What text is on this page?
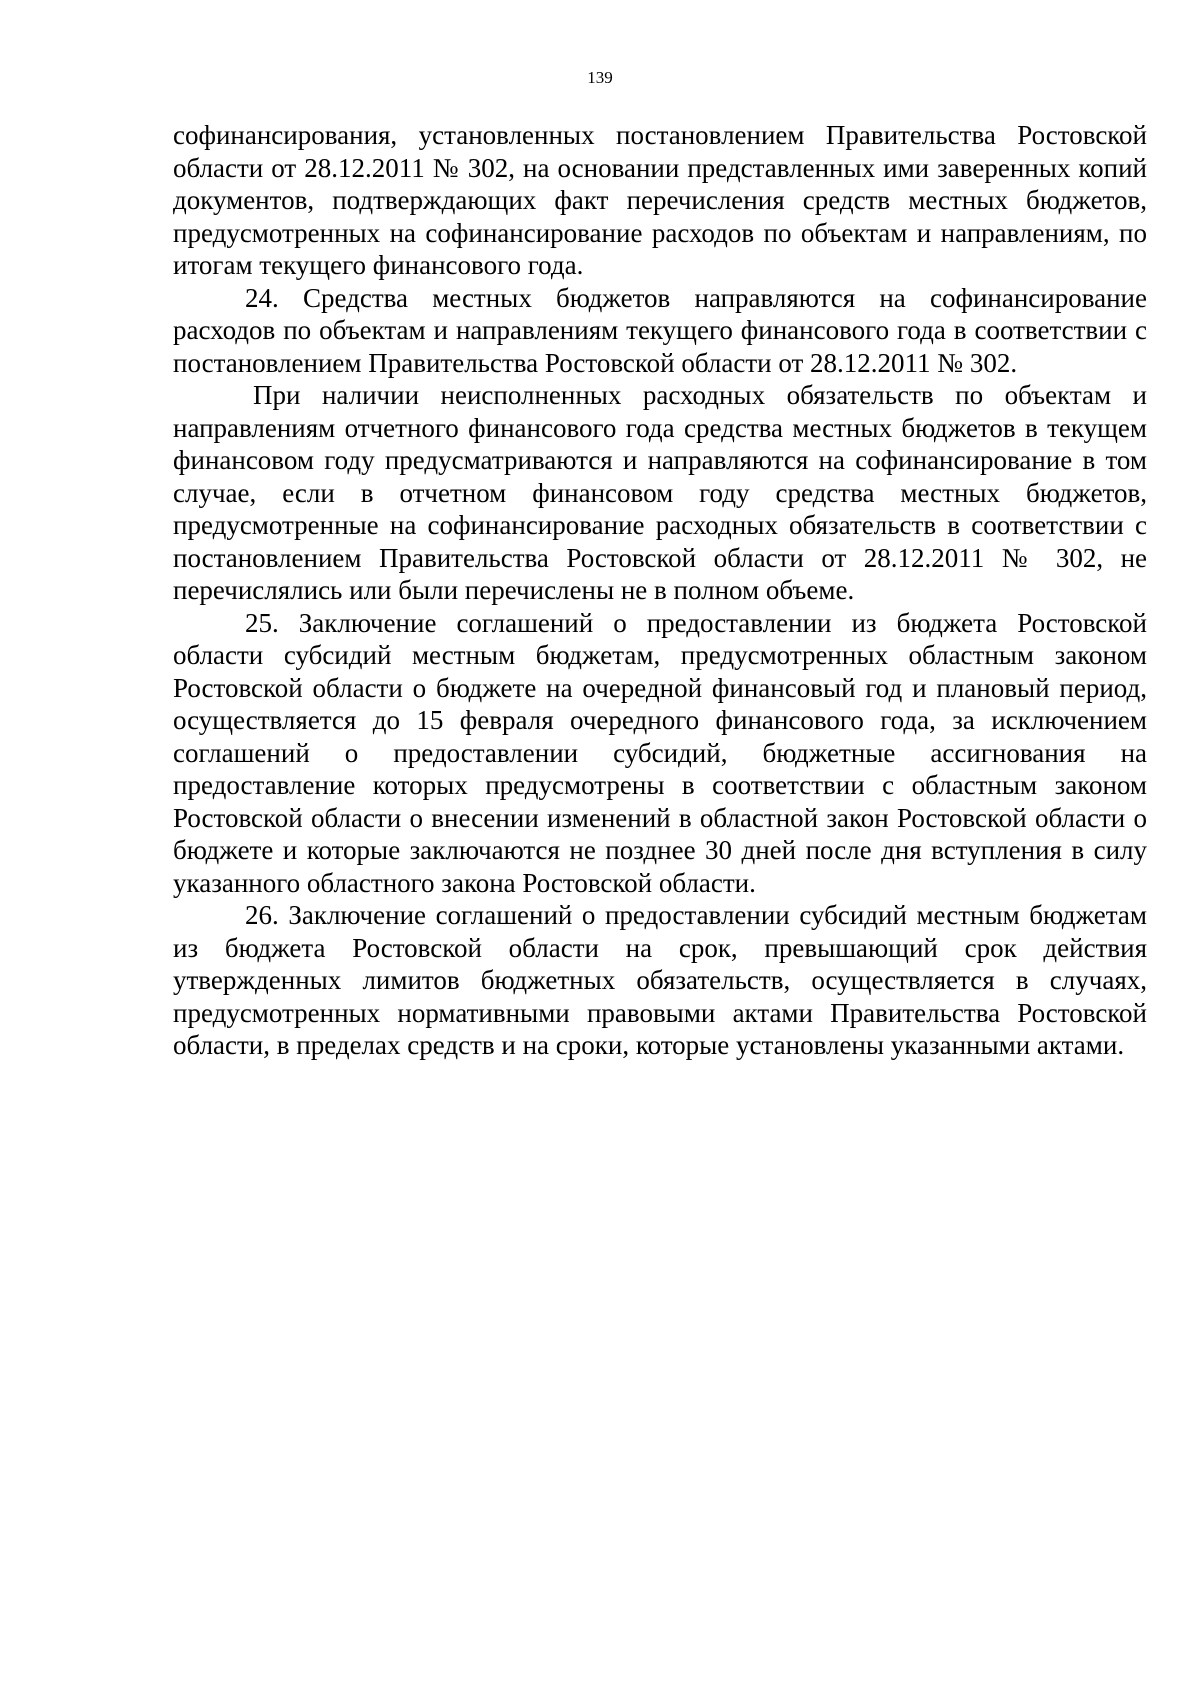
139

софинансирования, установленных постановлением Правительства Ростовской области от 28.12.2011 № 302, на основании представленных ими заверенных копий документов, подтверждающих факт перечисления средств местных бюджетов, предусмотренных на софинансирование расходов по объектам и направлениям, по итогам текущего финансового года.

24. Средства местных бюджетов направляются на софинансирование расходов по объектам и направлениям текущего финансового года в соответствии с постановлением Правительства Ростовской области от 28.12.2011 № 302.

При наличии неисполненных расходных обязательств по объектам и направлениям отчетного финансового года средства местных бюджетов в текущем финансовом году предусматриваются и направляются на софинансирование в том случае, если в отчетном финансовом году средства местных бюджетов, предусмотренные на софинансирование расходных обязательств в соответствии с постановлением Правительства Ростовской области от 28.12.2011 № 302, не перечислялись или были перечислены не в полном объеме.

25. Заключение соглашений о предоставлении из бюджета Ростовской области субсидий местным бюджетам, предусмотренных областным законом Ростовской области о бюджете на очередной финансовый год и плановый период, осуществляется до 15 февраля очередного финансового года, за исключением соглашений о предоставлении субсидий, бюджетные ассигнования на предоставление которых предусмотрены в соответствии с областным законом Ростовской области о внесении изменений в областной закон Ростовской области о бюджете и которые заключаются не позднее 30 дней после дня вступления в силу указанного областного закона Ростовской области.

26. Заключение соглашений о предоставлении субсидий местным бюджетам из бюджета Ростовской области на срок, превышающий срок действия утвержденных лимитов бюджетных обязательств, осуществляется в случаях, предусмотренных нормативными правовыми актами Правительства Ростовской области, в пределах средств и на сроки, которые установлены указанными актами.
